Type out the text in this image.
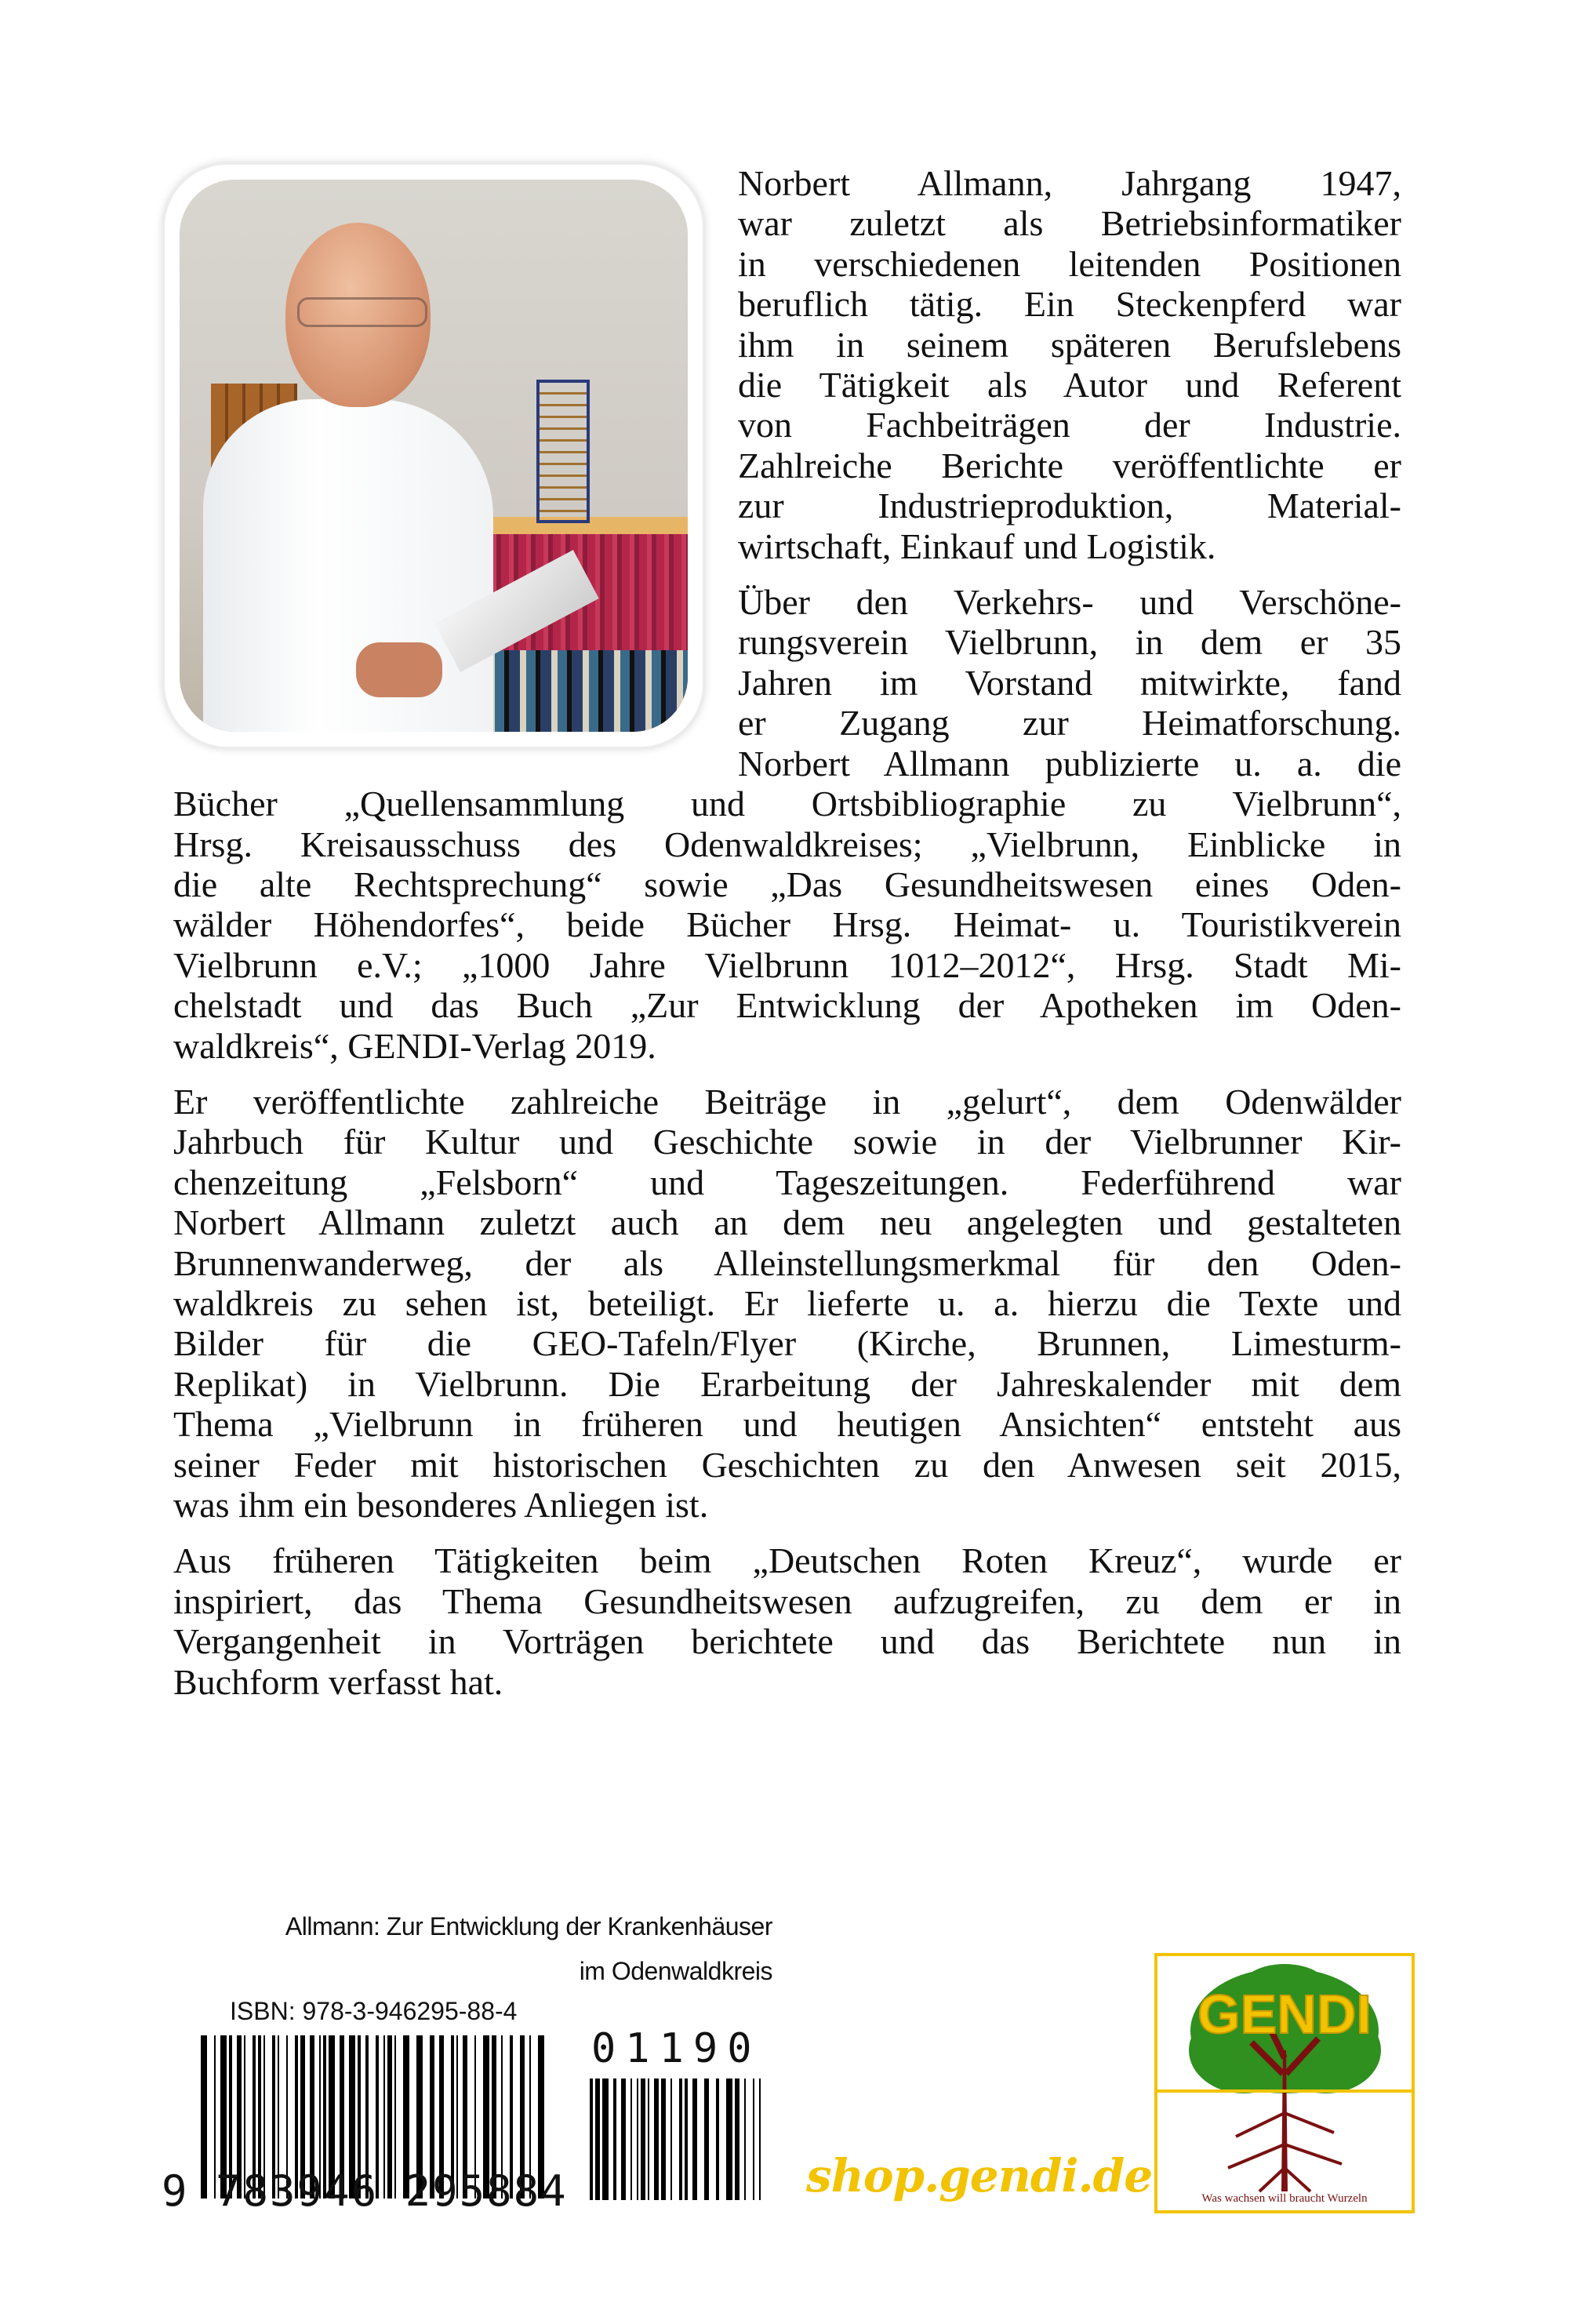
Norbert Allmann, Jahrgang 1947,
war zuletzt als Betriebsinformatiker
in verschiedenen leitenden Positionen
beruflich tätig. Ein Steckenpferd war
ihm in seinem späteren Berufslebens
die Tätigkeit als Autor und Referent
von Fachbeiträgen der Industrie.
Zahlreiche Berichte veröffentlichte er
zur Industrieproduktion, Material-
wirtschaft, Einkauf und Logistik.
Über den Verkehrs- und Verschöne-
rungsverein Vielbrunn, in dem er 35
Jahren im Vorstand mitwirkte, fand
er Zugang zur Heimatforschung.
Norbert Allmann publizierte u. a. die
Bücher „Quellensammlung und Ortsbibliographie zu Vielbrunn“,
Hrsg. Kreisausschuss des Odenwaldkreises; „Vielbrunn, Einblicke in
die alte Rechtsprechung“ sowie „Das Gesundheitswesen eines Oden-
wälder Höhendorfes“, beide Bücher Hrsg. Heimat- u. Touristikverein
Vielbrunn e.V.; „1000 Jahre Vielbrunn 1012–2012“, Hrsg. Stadt Mi-
chelstadt und das Buch „Zur Entwicklung der Apotheken im Oden-
waldkreis“, GENDI-Verlag 2019.
Er veröffentlichte zahlreiche Beiträge in „gelurt“, dem Odenwälder
Jahrbuch für Kultur und Geschichte sowie in der Vielbrunner Kir-
chenzeitung „Felsborn“ und Tageszeitungen. Federführend war
Norbert Allmann zuletzt auch an dem neu angelegten und gestalteten
Brunnenwanderweg, der als Alleinstellungsmerkmal für den Oden-
waldkreis zu sehen ist, beteiligt. Er lieferte u. a. hierzu die Texte und
Bilder für die GEO-Tafeln/Flyer (Kirche, Brunnen, Limesturm-
Replikat) in Vielbrunn. Die Erarbeitung der Jahreskalender mit dem
Thema „Vielbrunn in früheren und heutigen Ansichten“ entsteht aus
seiner Feder mit historischen Geschichten zu den Anwesen seit 2015,
was ihm ein besonderes Anliegen ist.
Aus früheren Tätigkeiten beim „Deutschen Roten Kreuz“, wurde er
inspiriert, das Thema Gesundheitswesen aufzugreifen, zu dem er in
Vergangenheit in Vorträgen berichtete und das Berichtete nun in
Buchform verfasst hat.
Allmann: Zur Entwicklung der Krankenhäuser
im Odenwaldkreis
ISBN: 978-3-946295-88-4
9 783946 295884
01190
shop.gendi.de
GENDI
Was wachsen will braucht Wurzeln
